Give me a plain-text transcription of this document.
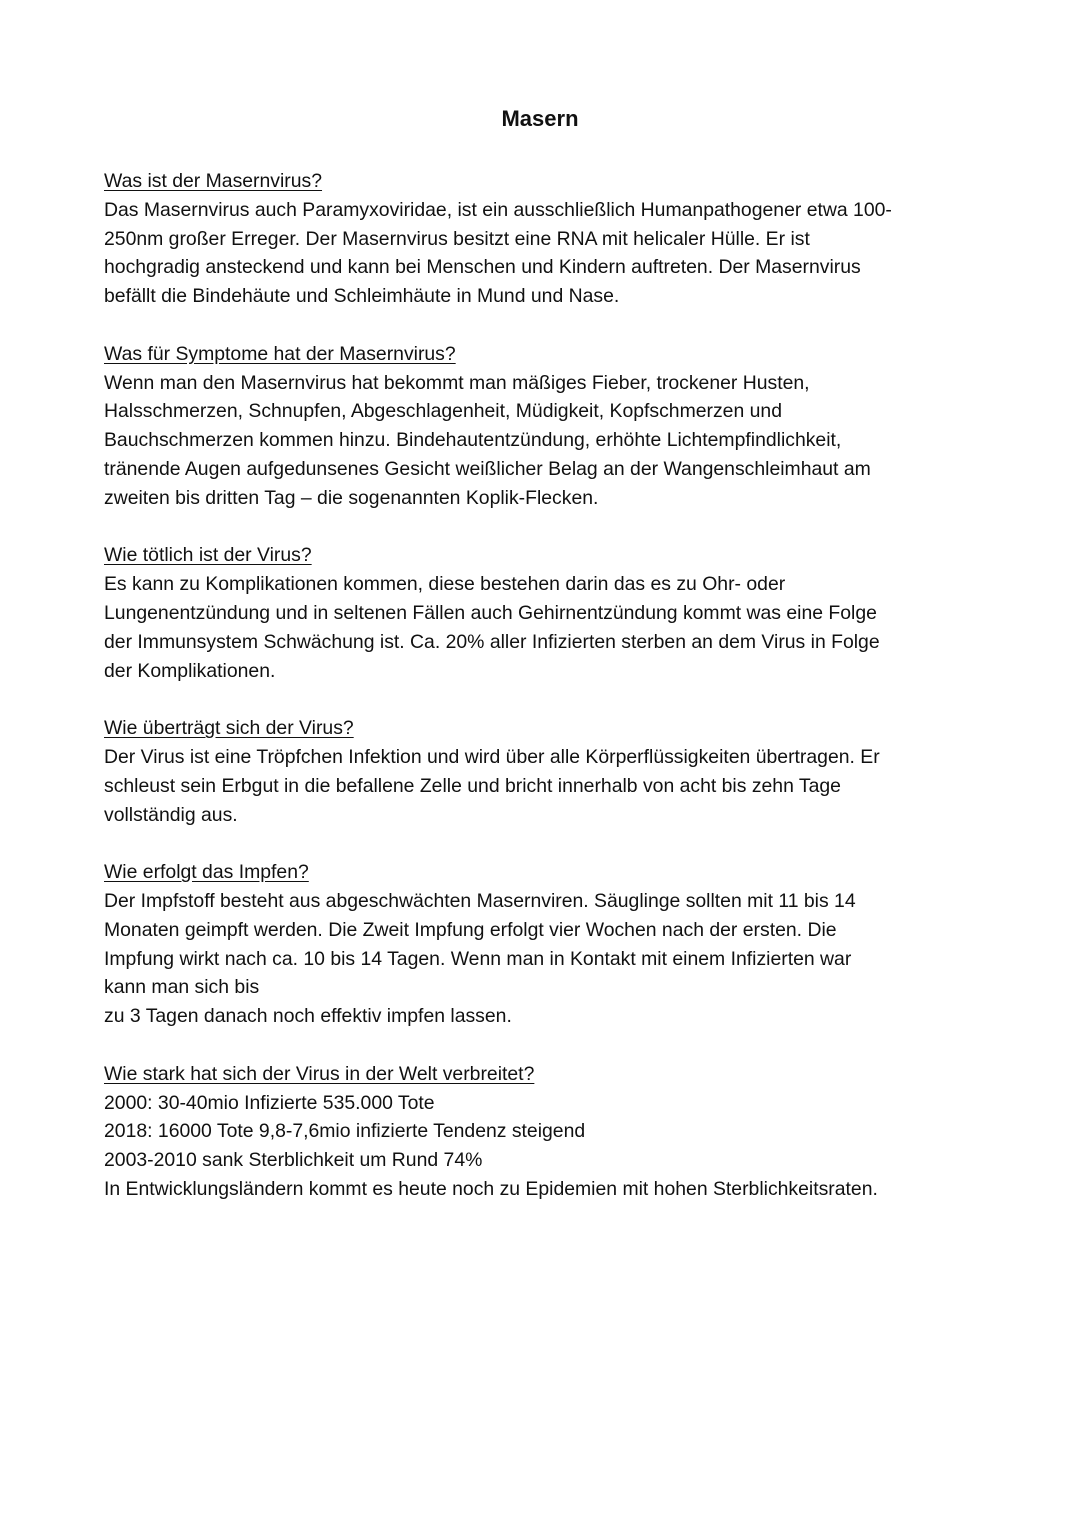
Masern
Was ist der Masernvirus?
Das Masernvirus auch Paramyxoviridae, ist ein ausschließlich Humanpathogener etwa 100-
250nm großer Erreger. Der Masernvirus besitzt eine RNA mit helicaler Hülle. Er ist
hochgradig ansteckend und kann bei Menschen und Kindern auftreten. Der Masernvirus
befällt die Bindehäute und Schleimhäute in Mund und Nase.
Was für Symptome hat der Masernvirus?
Wenn man den Masernvirus hat bekommt man mäßiges Fieber, trockener Husten,
Halsschmerzen, Schnupfen, Abgeschlagenheit, Müdigkeit, Kopfschmerzen und
Bauchschmerzen kommen hinzu. Bindehautentzündung, erhöhte Lichtempfindlichkeit,
tränende Augen aufgedunsenes Gesicht weißlicher Belag an der Wangenschleimhaut am
zweiten bis dritten Tag – die sogenannten Koplik-Flecken.
Wie tötlich ist der Virus?
Es kann zu Komplikationen kommen, diese bestehen darin das es zu Ohr- oder
Lungenentzündung und in seltenen Fällen auch Gehirnentzündung kommt was eine Folge
der Immunsystem Schwächung ist. Ca. 20% aller Infizierten sterben an dem Virus in Folge
der Komplikationen.
Wie überträgt sich der Virus?
Der Virus ist eine Tröpfchen Infektion und wird über alle Körperflüssigkeiten übertragen. Er
schleust sein Erbgut in die befallene Zelle und bricht innerhalb von acht bis zehn Tage
vollständig aus.
Wie erfolgt das Impfen?
Der Impfstoff besteht aus abgeschwächten Masernviren. Säuglinge sollten mit 11 bis 14
Monaten geimpft werden. Die Zweit Impfung erfolgt vier Wochen nach der ersten. Die
Impfung wirkt nach ca. 10 bis 14 Tagen. Wenn man in Kontakt mit einem Infizierten war
kann man sich bis
zu 3 Tagen danach noch effektiv impfen lassen.
Wie stark hat sich der Virus in der Welt verbreitet?
2000: 30-40mio Infizierte 535.000 Tote
2018: 16000 Tote 9,8-7,6mio infizierte Tendenz steigend
2003-2010 sank Sterblichkeit um Rund 74%
In Entwicklungsländern kommt es heute noch zu Epidemien mit hohen Sterblichkeitsraten.
